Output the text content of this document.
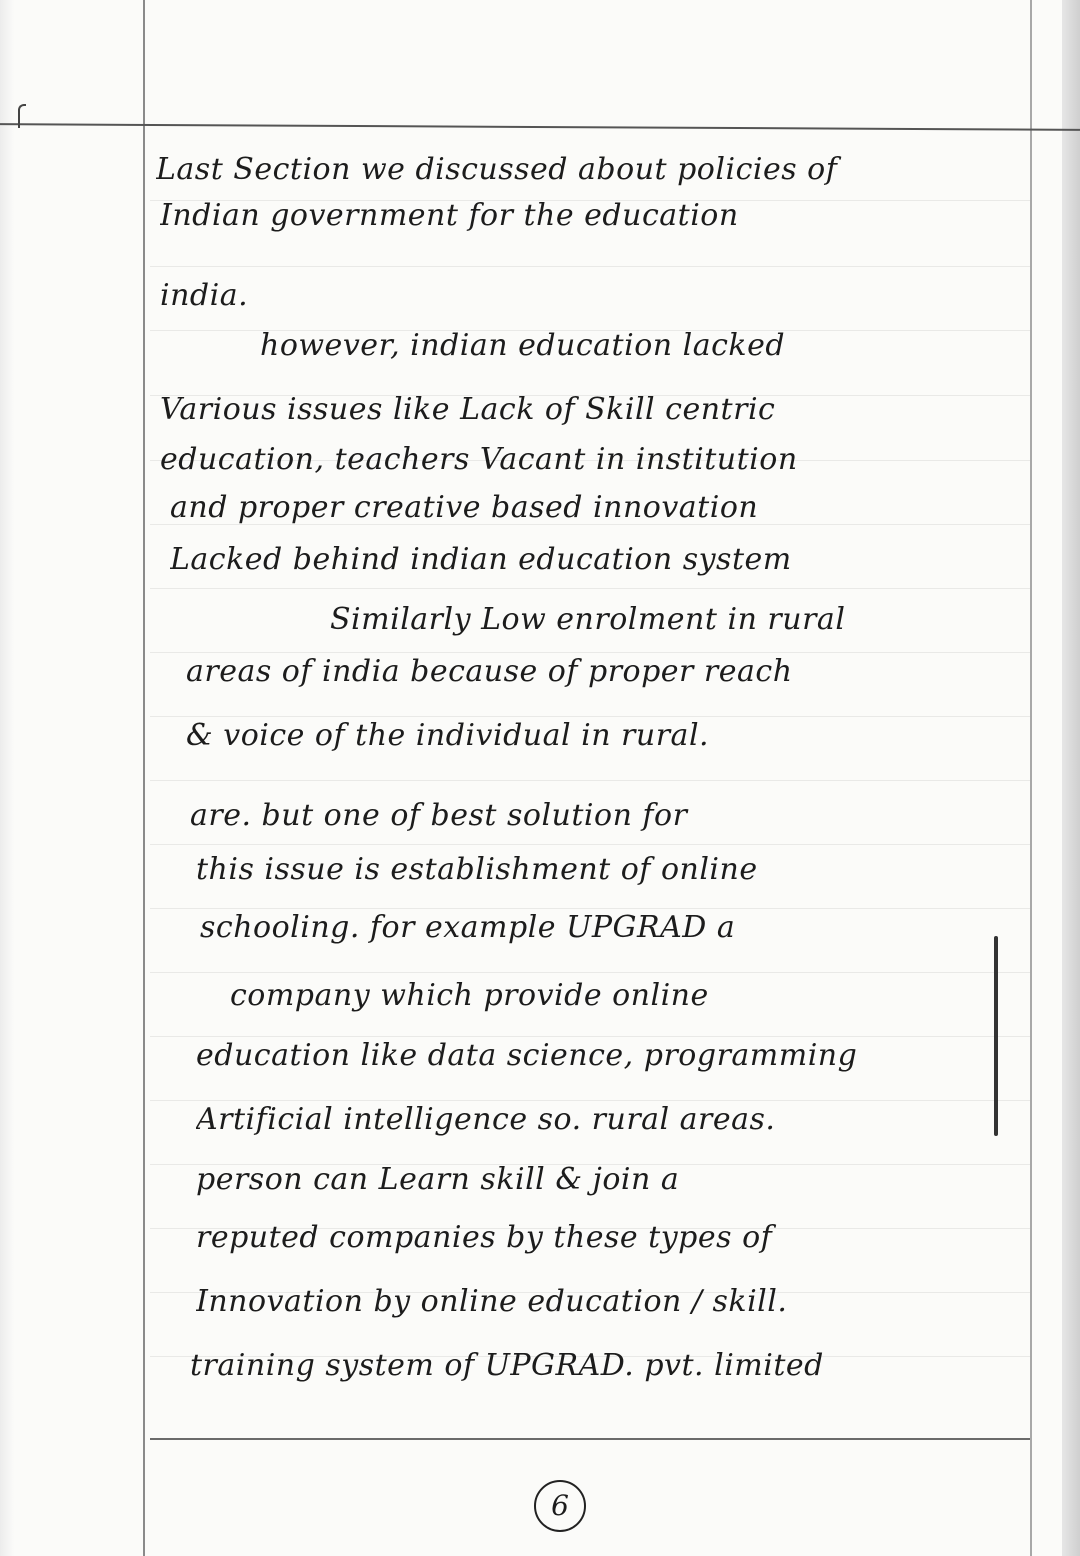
Last Section we discussed about policies of
Indian government for the education
india.
however, indian education lacked
Various issues like Lack of Skill centric
education, teachers Vacant in institution
and proper creative based innovation
Lacked behind indian education system
Similarly Low enrolment in rural
areas of india because of proper reach
& voice of the individual in rural.
are. but one of best solution for
this issue is establishment of online
schooling. for example UPGRAD a
company which provide online
education like data science, programming
Artificial intelligence so. rural areas.
person can Learn skill & join a
reputed companies by these types of
Innovation by online education / skill.
training system of UPGRAD. pvt. limited
6
